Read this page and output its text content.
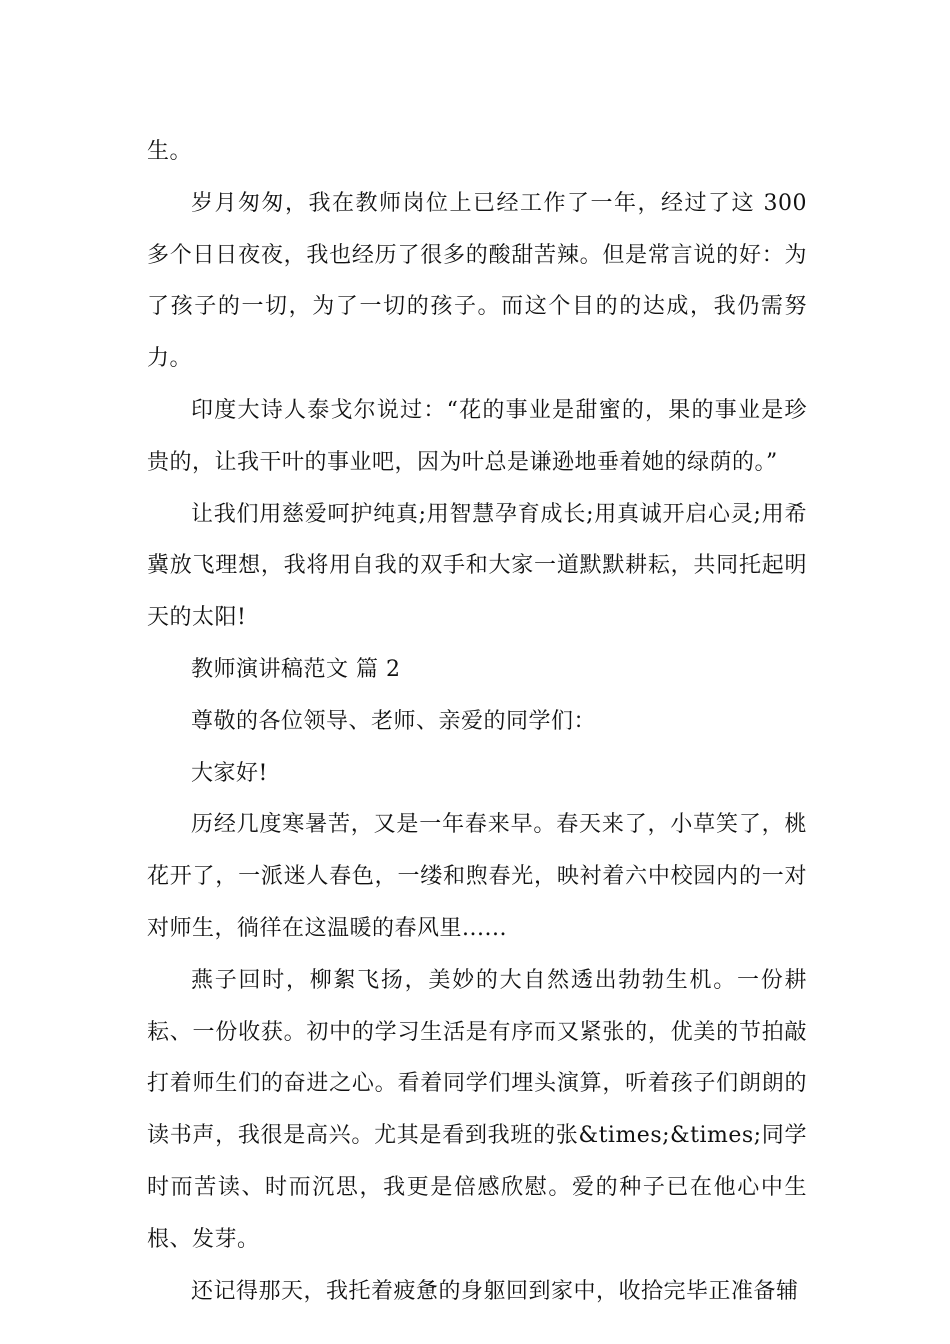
生。

岁月匆匆，我在教师岗位上已经工作了一年，经过了这 300 多个日日夜夜，我也经历了很多的酸甜苦辣。但是常言说的好：为了孩子的一切，为了一切的孩子。而这个目的的达成，我仍需努力。

印度大诗人泰戈尔说过：“花的事业是甜蜜的，果的事业是珍贵的，让我干叶的事业吧，因为叶总是谦逊地垂着她的绿荫的。”

让我们用慈爱呵护纯真;用智慧孕育成长;用真诚开启心灵;用希冀放飞理想，我将用自我的双手和大家一道默默耕耘，共同托起明天的太阳!

教师演讲稿范文 篇 2

尊敬的各位领导、老师、亲爱的同学们：

大家好!

历经几度寒暑苦，又是一年春来早。春天来了，小草笑了，桃花开了，一派迷人春色，一缕和煦春光，映衬着六中校园内的一对对师生，徜徉在这温暖的春风里......

燕子回时，柳絮飞扬，美妙的大自然透出勃勃生机。一份耕耘、一份收获。初中的学习生活是有序而又紧张的，优美的节拍敲打着师生们的奋进之心。看着同学们埋头演算，听着孩子们朗朗的读书声，我很是高兴。尤其是看到我班的张&times;&times;同学时而苦读、时而沉思，我更是倍感欣慰。爱的种子已在他心中生根、发芽。

还记得那天，我托着疲惫的身躯回到家中，收拾完毕正准备辅
